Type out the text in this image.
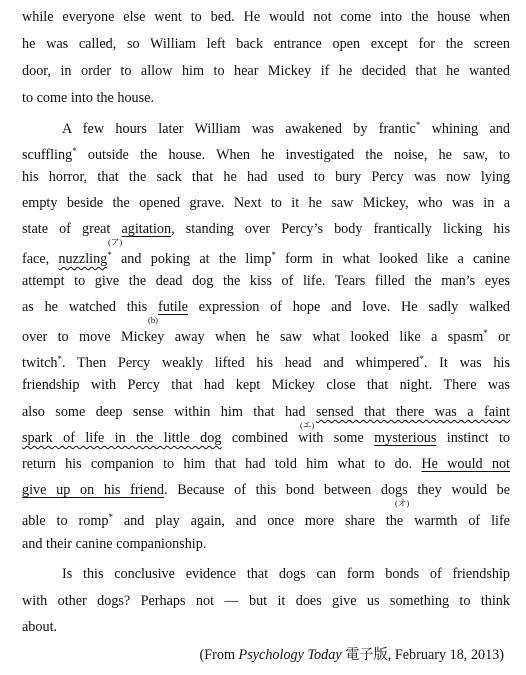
while everyone else went to bed. He would not come into the house when
he was called, so William left back entrance open except for the screen
door, in order to allow him to hear Mickey if he decided that he wanted
to come into the house.
A few hours later William was awakened by frantic* whining and
scuffling* outside the house. When he investigated the noise, he saw, to
his horror, that the sack that he had used to bury Percy was now lying
empty beside the opened grave. Next to it he saw Mickey, who was in a
state of great agitation, standing over Percy’s body frantically licking his
face, nuzzling* and poking at the limp* form in what looked like a canine
(ア)
attempt to give the dead dog the kiss of life. Tears filled the man’s eyes
as he watched this futile expression of hope and love. He sadly walked
(b)
over to move Mickey away when he saw what looked like a spasm* or
twitch*. Then Percy weakly lifted his head and whimpered*. It was his
friendship with Percy that had kept Mickey close that night. There was
also some deep sense within him that had sensed that there was a faint
(エ)
spark of life in the little dog combined with some mysterious instinct to
return his companion to him that had told him what to do. He would not
give up on his friend. Because of this bond between dogs they would be
(オ)
able to romp* and play again, and once more share the warmth of life
and their canine companionship.
Is this conclusive evidence that dogs can form bonds of friendship
with other dogs? Perhaps not — but it does give us something to think
about.
(From Psychology Today 電子版, February 18, 2013)
